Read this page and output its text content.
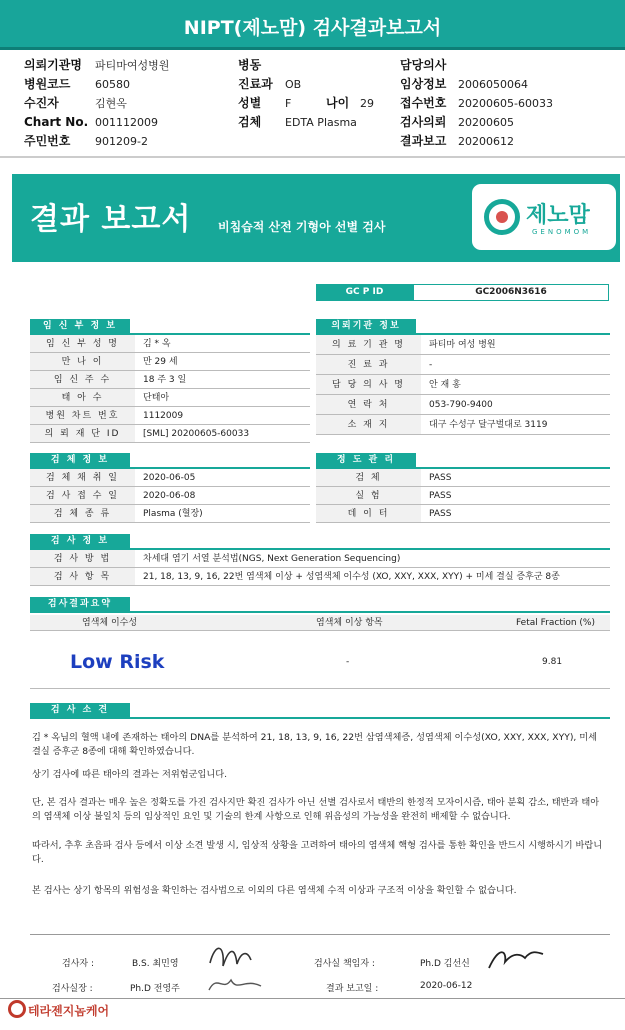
NIPT(제노맘) 검사결과보고서
의뢰기관명 파티마여성병원	병동	담당의사
병원코드 60580	진료과 OB	임상정보 2006050064
수진자	김현옥	성별 F	나이 29 접수번호 20200605-60033
Chart No. 001112009	검체 EDTA Plasma	검사의뢰 20200605
주민번호 901209-2	결과보고 20200612
결과 보고서 비침습적 산전 기형아 선별 검사	제노맘
GENOMOM
GC P ID	GC2006N3616
임 신 부 정 보
임 신 부 성 명	김 * 옥
만 나 이	만 29 세
임 신 주 수	18 주 3 일
태 아 수	단태아
병원 차트 번호	1112009
의 뢰 재 단 ID	[SML] 20200605-60033
의뢰기관 정보
의 료 기 관 명	파티마 여성 병원
진 료 과	-
담 당 의 사 명	안 재 홍
연 락 처	053-790-9400
소 재 지	대구 수성구 달구벌대로 3119
검 체 정 보
검 체 채 취 일	2020-06-05
검 사 접 수 일	2020-06-08
검 체 종 류	Plasma (혈장)
정 도 관 리
검 체	PASS
실 험	PASS
데 이 터	PASS
검 사 정 보
검 사 방 법	차세대 염기 서열 분석법(NGS, Next Generation Sequencing)
검 사 항 목	21, 18, 13, 9, 16, 22번 염색체 이상 + 성염색체 이수성 (XO, XXY, XXX, XYY) + 미세 결실 증후군 8종
검사결과요약
염색체 이수성	염색체 이상 항목	Fetal Fraction (%)
Low Risk	-	9.81
검 사 소 견
김 * 옥님의 혈액 내에 존재하는 태아의 DNA를 분석하여 21, 18, 13, 9, 16, 22번 삼염색체증, 성염색체 이수성(XO, XXY, XXX, XYY), 미세 결실 증후군 8종에 대해 확인하였습니다.
상기 검사에 따른 태아의 결과는 저위험군입니다.
단, 본 검사 결과는 매우 높은 정확도를 가진 검사지만 확진 검사가 아닌 선별 검사로서 태반의 한정적 모자이시즘, 태아 분획 감소, 태반과 태아의 염색체 이상 불일치 등의 임상적인 요인 및 기술의 한계 사항으로 인해 위음성의 가능성을 완전히 배제할 수 없습니다.
따라서, 추후 초음파 검사 등에서 이상 소견 발생 시, 임상적 상황을 고려하여 태아의 염색체 핵형 검사를 통한 확인을 반드시 시행하시기 바랍니다.
본 검사는 상기 항목의 위험성을 확인하는 검사법으로 이외의 다른 염색체 수적 이상과 구조적 이상을 확인할 수 없습니다.
검사자 :	B.S. 최민영
검사실장 :	Ph.D 전영주
검사실 책임자 :	Ph.D 김선신
결과 보고일 :	2020-06-12
테라젠지놈케어
